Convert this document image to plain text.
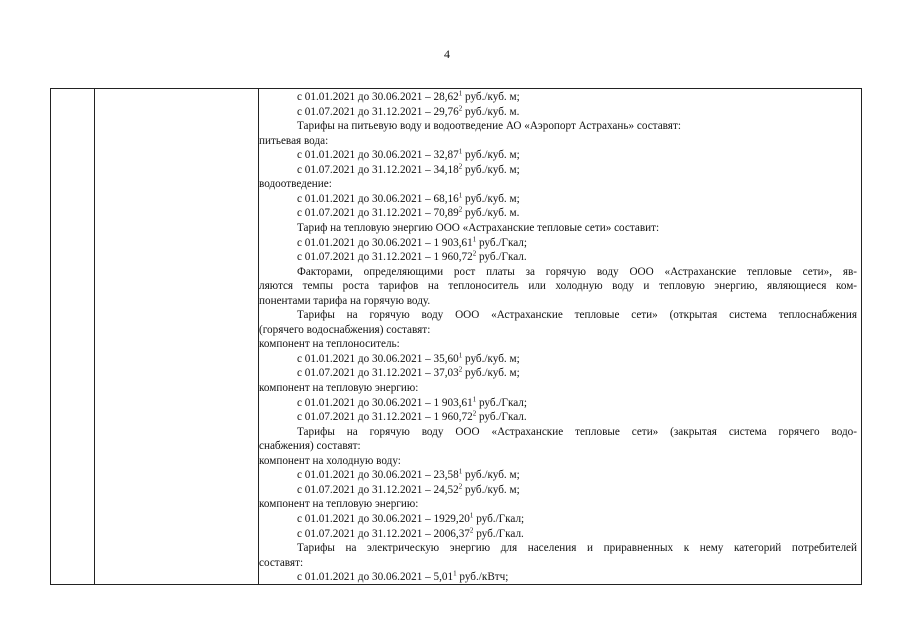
4
с 01.01.2021 до 30.06.2021 – 28,62$^1$ руб./куб. м;
с 01.07.2021 до 31.12.2021 – 29,76$^2$ руб./куб. м.
Тарифы на питьевую воду и водоотведение АО «Аэропорт Астрахань» составят:
питьевая вода:
с 01.01.2021 до 30.06.2021 – 32,87$^1$ руб./куб. м;
с 01.07.2021 до 31.12.2021 – 34,18$^2$ руб./куб. м;
водоотведение:
с 01.01.2021 до 30.06.2021 – 68,16$^1$ руб./куб. м;
с 01.07.2021 до 31.12.2021 – 70,89$^2$ руб./куб. м.
Тариф на тепловую энергию ООО «Астраханские тепловые сети» составит:
с 01.01.2021 до 30.06.2021 – 1 903,61$^1$ руб./Гкал;
с 01.07.2021 до 31.12.2021 – 1 960,72$^2$ руб./Гкал.
Факторами, определяющими рост платы за горячую воду ООО «Астраханские тепловые сети», яв-
ляются темпы роста тарифов на теплоноситель или холодную воду и тепловую энергию, являющиеся ком-
понентами тарифа на горячую воду.
Тарифы на горячую воду ООО «Астраханские тепловые сети» (открытая система теплоснабжения
(горячего водоснабжения) составят:
компонент на теплоноситель:
с 01.01.2021 до 30.06.2021 – 35,60$^1$ руб./куб. м;
с 01.07.2021 до 31.12.2021 – 37,03$^2$ руб./куб. м;
компонент на тепловую энергию:
с 01.01.2021 до 30.06.2021 – 1 903,61$^1$ руб./Гкал;
с 01.07.2021 до 31.12.2021 – 1 960,72$^2$ руб./Гкал.
Тарифы на горячую воду ООО «Астраханские тепловые сети» (закрытая система горячего водо-
снабжения) составят:
компонент на холодную воду:
с 01.01.2021 до 30.06.2021 – 23,58$^1$ руб./куб. м;
с 01.07.2021 до 31.12.2021 – 24,52$^2$ руб./куб. м;
компонент на тепловую энергию:
с 01.01.2021 до 30.06.2021 – 1929,20$^1$ руб./Гкал;
с 01.07.2021 до 31.12.2021 – 2006,37$^2$ руб./Гкал.
Тарифы на электрическую энергию для населения и приравненных к нему категорий потребителей
составят:
с 01.01.2021 до 30.06.2021 – 5,01$^1$ руб./кВтч;
